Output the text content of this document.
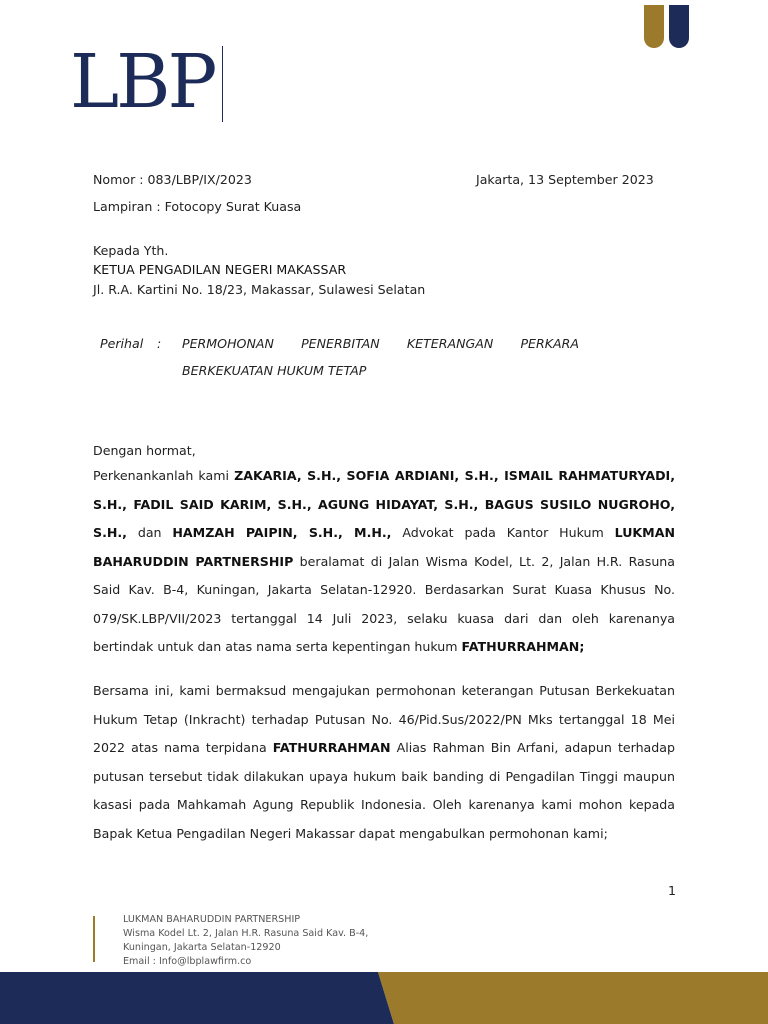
LBP
Nomor : 083/LBP/IX/2023	Jakarta, 13 September 2023
Lampiran : Fotocopy Surat Kuasa
Kepada Yth.
KETUA PENGADILAN NEGERI MAKASSAR
Jl. R.A. Kartini No. 18/23, Makassar, Sulawesi Selatan
Perihal : PERMOHONAN PENERBITAN KETERANGAN PERKARA
BERKEKUATAN HUKUM TETAP
Dengan hormat,
Perkenankanlah kami ZAKARIA, S.H., SOFIA ARDIANI, S.H., ISMAIL RAHMATURYADI, S.H., FADIL SAID KARIM, S.H., AGUNG HIDAYAT, S.H., BAGUS SUSILO NUGROHO, S.H., dan HAMZAH PAIPIN, S.H., M.H., Advokat pada Kantor Hukum LUKMAN BAHARUDDIN PARTNERSHIP beralamat di Jalan Wisma Kodel, Lt. 2, Jalan H.R. Rasuna Said Kav. B-4, Kuningan, Jakarta Selatan-12920. Berdasarkan Surat Kuasa Khusus No. 079/SK.LBP/VII/2023 tertanggal 14 Juli 2023, selaku kuasa dari dan oleh karenanya bertindak untuk dan atas nama serta kepentingan hukum FATHURRAHMAN;
Bersama ini, kami bermaksud mengajukan permohonan keterangan Putusan Berkekuatan Hukum Tetap (Inkracht) terhadap Putusan No. 46/Pid.Sus/2022/PN Mks tertanggal 18 Mei 2022 atas nama terpidana FATHURRAHMAN Alias Rahman Bin Arfani, adapun terhadap putusan tersebut tidak dilakukan upaya hukum baik banding di Pengadilan Tinggi maupun kasasi pada Mahkamah Agung Republik Indonesia. Oleh karenanya kami mohon kepada Bapak Ketua Pengadilan Negeri Makassar dapat mengabulkan permohonan kami;
1
LUKMAN BAHARUDDIN PARTNERSHIP
Wisma Kodel Lt. 2, Jalan H.R. Rasuna Said Kav. B-4,
Kuningan, Jakarta Selatan-12920
Email : Info@lbplawfirm.co
